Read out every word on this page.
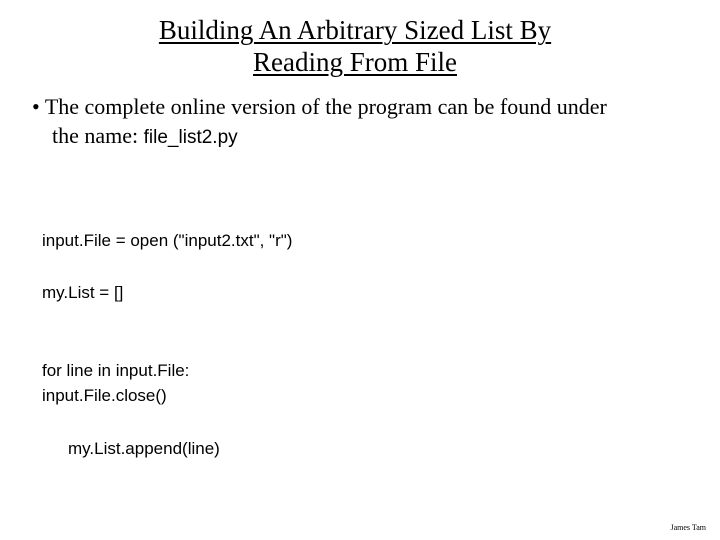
Building An Arbitrary Sized List By
Reading From File
• The complete online version of the program can be found under
the name: file_list2.py

input.File = open ("input2.txt", "r")

my.List = []

for line in input.File:

my.List.append(line)

input.File.close()

James Tam
